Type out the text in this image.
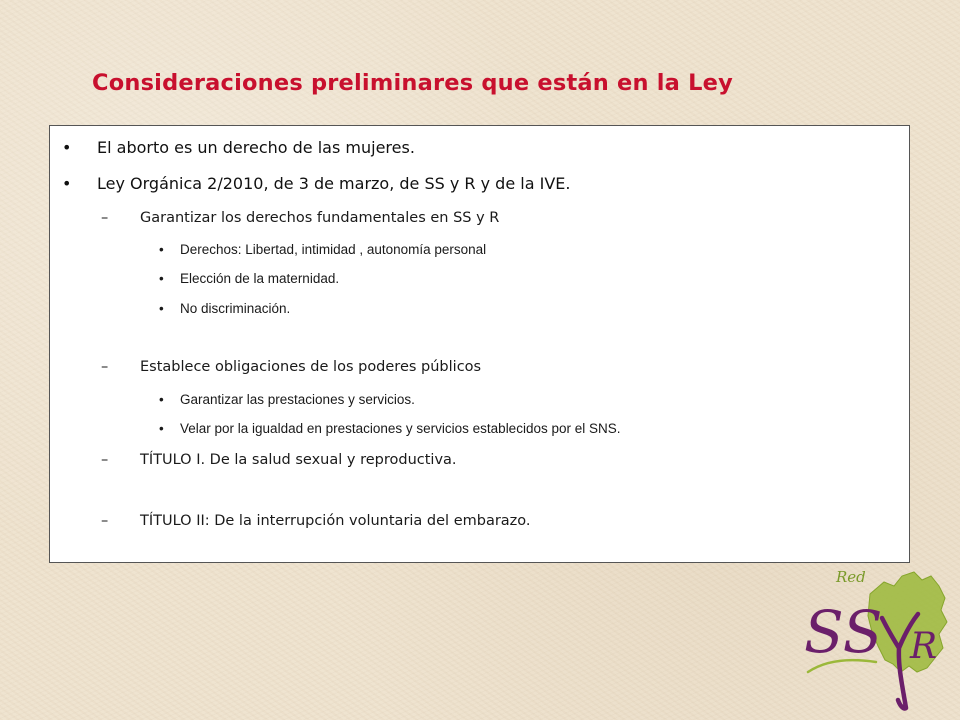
Consideraciones preliminares que están en la Ley
• El aborto es un derecho de las mujeres.
• Ley Orgánica 2/2010, de 3 de marzo, de SS y R y de la IVE.
– Garantizar los derechos fundamentales en SS y R
• Derechos: Libertad, intimidad , autonomía personal
• Elección de la maternidad.
• No discriminación.
– Establece obligaciones de los poderes públicos
• Garantizar las prestaciones y servicios.
• Velar por la igualdad en prestaciones y servicios establecidos por el SNS.
– TÍTULO I. De la salud sexual y reproductiva.
– TÍTULO II: De la interrupción voluntaria del embarazo.
Red
SS R
